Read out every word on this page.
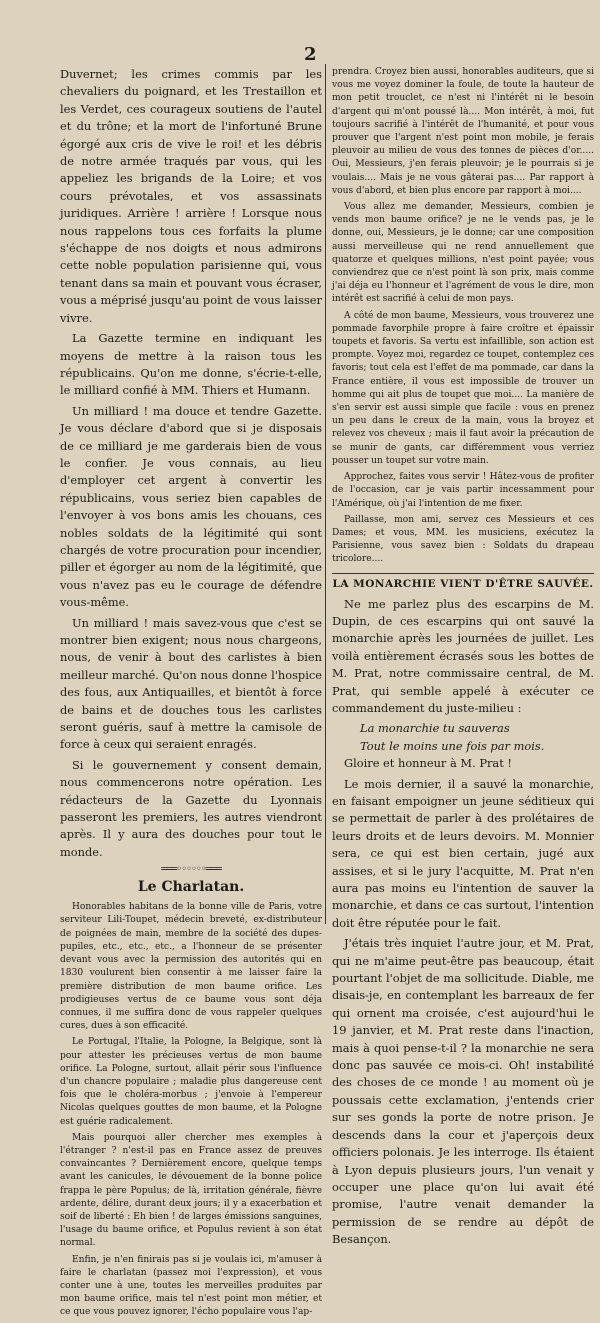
2

Duvernet; les crimes commis par les chevaliers du poignard, et les Trestaillon et les Verdet, ces courageux soutiens de l'autel et du trône; et la mort de l'infortuné Brune égorgé aux cris de vive le roi! et les débris de notre armée traqués par vous, qui les appeliez les brigands de la Loire; et vos cours prévotales, et vos assassinats juridiques. Arrière ! arrière ! Lorsque nous nous rappelons tous ces forfaits la plume s'échappe de nos doigts et nous admirons cette noble population parisienne qui, vous tenant dans sa main et pouvant vous écraser, vous a méprisé jusqu'au point de vous laisser vivre.

La Gazette termine en indiquant les moyens de mettre à la raison tous les républicains. Qu'on me donne, s'écrie-t-elle, le milliard confié à MM. Thiers et Humann.

Un milliard ! ma douce et tendre Gazette. Je vous déclare d'abord que si je disposais de ce milliard je me garderais bien de vous le confier. Je vous connais, au lieu d'employer cet argent à convertir les républicains, vous seriez bien capables de l'envoyer à vos bons amis les chouans, ces nobles soldats de la légitimité qui sont chargés de votre procuration pour incendier, piller et égorger au nom de la légitimité, que vous n'avez pas eu le courage de défendre vous-même.

Un milliard ! mais savez-vous que c'est se montrer bien exigent; nous nous chargeons, nous, de venir à bout des carlistes à bien meilleur marché. Qu'on nous donne l'hospice des fous, aux Antiquailles, et bientôt à force de bains et de douches tous les carlistes seront guéris, sauf à mettre la camisole de force à ceux qui seraient enragés.

Si le gouvernement y consent demain, nous commencerons notre opération. Les rédacteurs de la Gazette du Lyonnais passeront les premiers, les autres viendront après. Il y aura des douches pour tout le monde.

═══◦◦◦◦◦◦═══
Le Charlatan.

Honorables habitans de la bonne ville de Paris, votre serviteur Lili-Toupet, médecin breveté, ex-distributeur de poignées de main, membre de la société des dupes-pupiles, etc., etc., etc., a l'honneur de se présenter devant vous avec la permission des autorités qui en 1830 voulurent bien consentir à me laisser faire la première distribution de mon baume orifice. Les prodigieuses vertus de ce baume vous sont déja connues, il me suffira donc de vous rappeler quelques cures, dues à son efficacité.

Le Portugal, l'Italie, la Pologne, la Belgique, sont là pour attester les précieuses vertus de mon baume orifice. La Pologne, surtout, allait périr sous l'influence d'un chancre populaire ; maladie plus dangereuse cent fois que le choléra-morbus ; j'envoie à l'empereur Nicolas quelques gouttes de mon baume, et la Pologne est guérie radicalement.

Mais pourquoi aller chercher mes exemples à l'étranger ? n'est-il pas en France assez de preuves convaincantes ? Dernièrement encore, quelque temps avant les canicules, le dévouement de la bonne police frappa le père Populus; de là, irritation générale, fièvre ardente, délire, durant deux jours; il y a exacerbation et soif de liberté : Eh bien ! de larges émissions sanguines, l'usage du baume orifice, et Populus revient à son état normal.

Enfin, je n'en finirais pas si je voulais ici, m'amuser à faire le charlatan (passez moi l'expression), et vous conter une à une, toutes les merveilles produites par mon baume orifice, mais tel n'est point mon métier, et ce que vous pouvez ignorer, l'écho populaire vous l'ap-

prendra. Croyez bien aussi, honorables auditeurs, que si vous me voyez dominer la foule, de toute la hauteur de mon petit trouclet, ce n'est ni l'intérêt ni le besoin d'argent qui m'ont poussé là.... Mon intérêt, à moi, fut toujours sacrifié à l'intérêt de l'humanité, et pour vous prouver que l'argent n'est point mon mobile, je ferais pleuvoir au milieu de vous des tonnes de pièces d'or..... Oui, Messieurs, j'en ferais pleuvoir; je le pourrais si je voulais.... Mais je ne vous gâterai pas.... Par rapport à vous d'abord, et bien plus encore par rapport à moi....

Vous allez me demander, Messieurs, combien je vends mon baume orifice? je ne le vends pas, je le donne, oui, Messieurs, je le donne; car une composition aussi merveilleuse qui ne rend annuellement que quatorze et quelques millions, n'est point payée; vous conviendrez que ce n'est point là son prix, mais comme j'ai déja eu l'honneur et l'agrément de vous le dire, mon intérêt est sacrifié à celui de mon pays.

A côté de mon baume, Messieurs, vous trouverez une pommade favorphile propre à faire croître et épaissir toupets et favoris. Sa vertu est infaillible, son action est prompte. Voyez moi, regardez ce toupet, contemplez ces favoris; tout cela est l'effet de ma pommade, car dans la France entière, il vous est impossible de trouver un homme qui ait plus de toupet que moi.... La manière de s'en servir est aussi simple que facile : vous en prenez un peu dans le creux de la main, vous la broyez et relevez vos cheveux ; mais il faut avoir la précaution de se munir de gants, car différemment vous verriez pousser un toupet sur votre main.

Approchez, faites vous servir ! Hâtez-vous de profiter de l'occasion, car je vais partir incessamment pour l'Amérique, où j'ai l'intention de me fixer.

Paillasse, mon ami, servez ces Messieurs et ces Dames; et vous, MM. les musiciens, exécutez la Parisienne, vous savez bien : Soldats du drapeau tricolore....

LA MONARCHIE VIENT D'ÊTRE SAUVÉE.

Ne me parlez plus des escarpins de M. Dupin, de ces escarpins qui ont sauvé la monarchie après les journées de juillet. Les voilà entièrement écrasés sous les bottes de M. Prat, notre commissaire central, de M. Prat, qui semble appelé à exécuter ce commandement du juste-milieu :

La monarchie tu sauveras

Tout le moins une fois par mois.

Gloire et honneur à M. Prat !

Le mois dernier, il a sauvé la monarchie, en faisant empoigner un jeune séditieux qui se permettait de parler à des prolétaires de leurs droits et de leurs devoirs. M. Monnier sera, ce qui est bien certain, jugé aux assises, et si le jury l'acquitte, M. Prat n'en aura pas moins eu l'intention de sauver la monarchie, et dans ce cas surtout, l'intention doit être réputée pour le fait.

J'étais très inquiet l'autre jour, et M. Prat, qui ne m'aime peut-être pas beaucoup, était pourtant l'objet de ma sollicitude. Diable, me disais-je, en contemplant les barreaux de fer qui ornent ma croisée, c'est aujourd'hui le 19 janvier, et M. Prat reste dans l'inaction, mais à quoi pense-t-il ? la monarchie ne sera donc pas sauvée ce mois-ci. Oh! instabilité des choses de ce monde ! au moment où je poussais cette exclamation, j'entends crier sur ses gonds la porte de notre prison. Je descends dans la cour et j'aperçois deux officiers polonais. Je les interroge. Ils étaient à Lyon depuis plusieurs jours, l'un venait y occuper une place qu'on lui avait été promise, l'autre venait demander la permission de se rendre au dépôt de Besançon.
